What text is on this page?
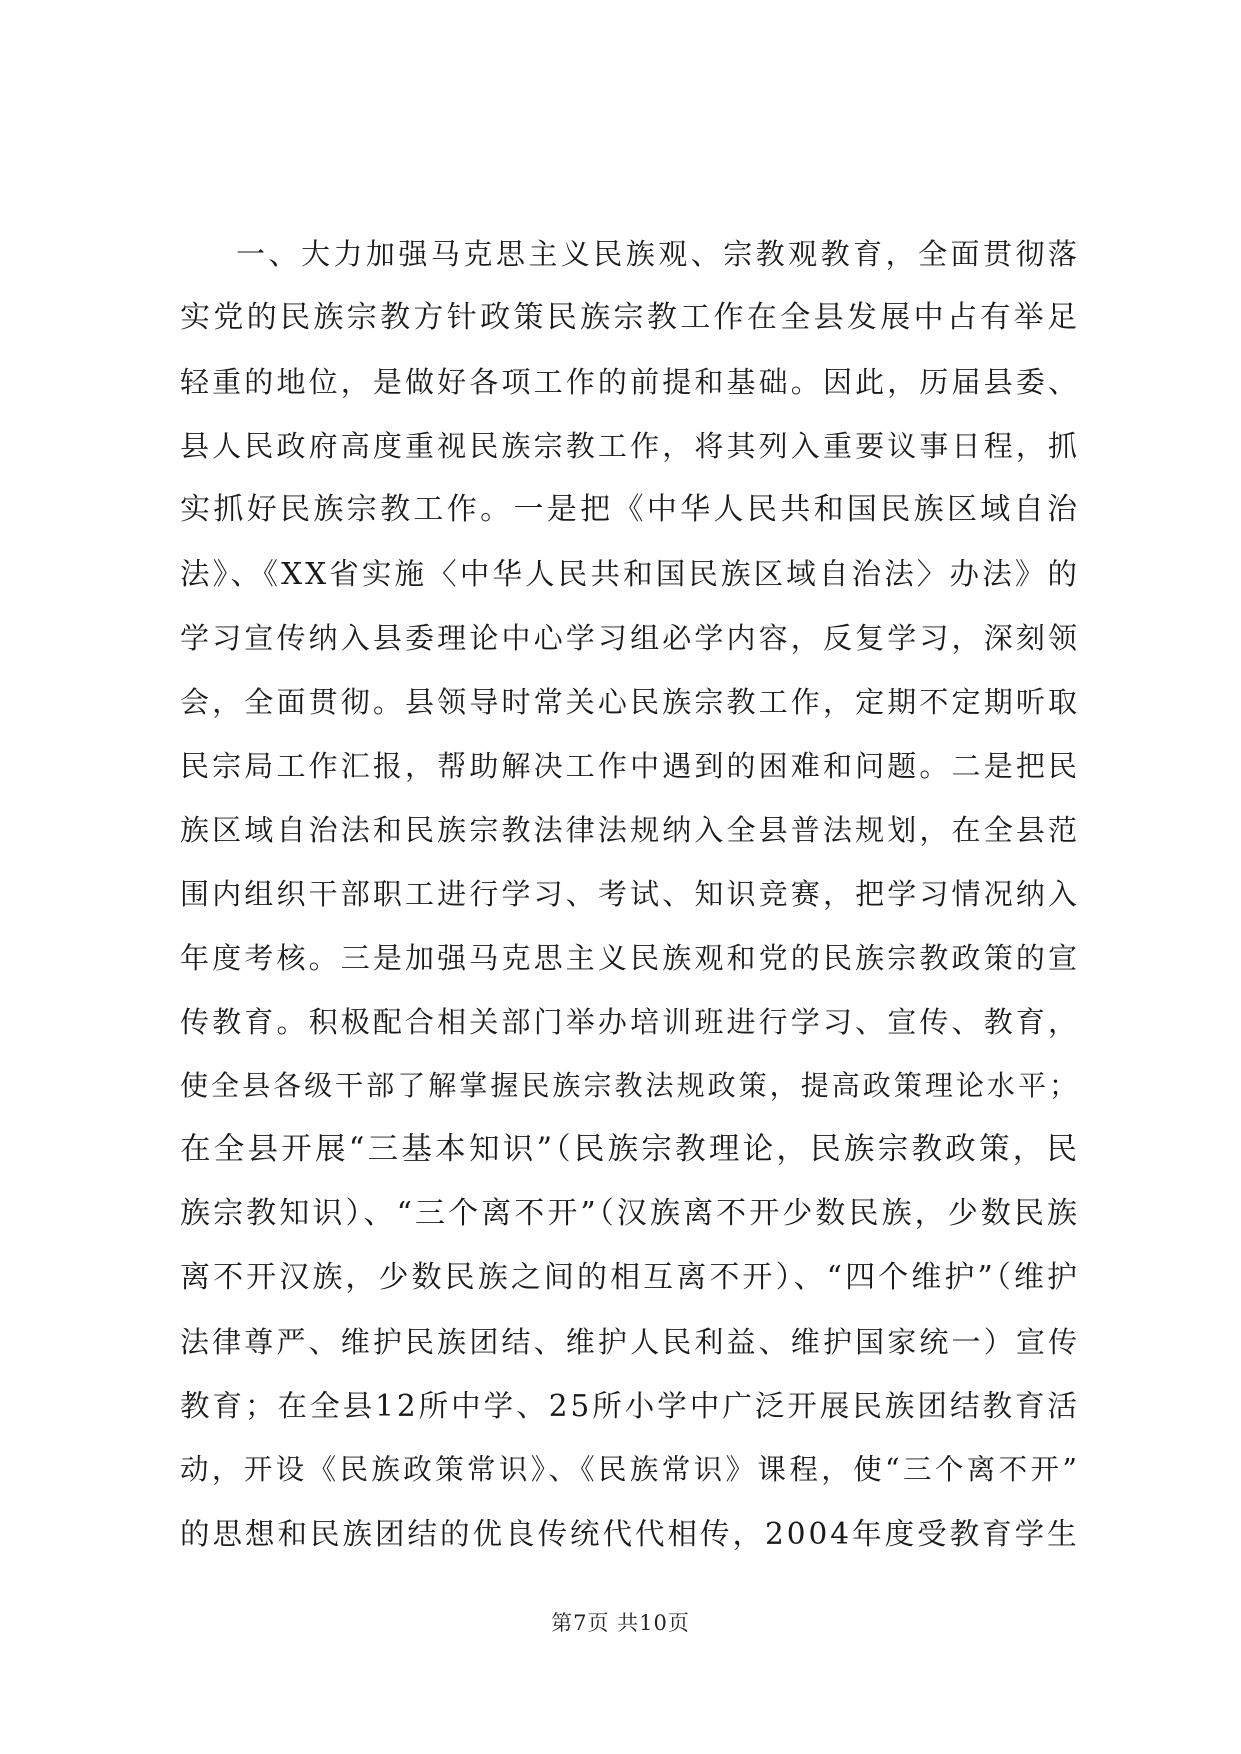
一、大力加强马克思主义民族观、宗教观教育，全面贯彻落
实党的民族宗教方针政策民族宗教工作在全县发展中占有举足
轻重的地位，是做好各项工作的前提和基础。因此，历届县委、
县人民政府高度重视民族宗教工作，将其列入重要议事日程，抓
实抓好民族宗教工作。一是把《中华人民共和国民族区域自治
法》、《XX省实施〈中华人民共和国民族区域自治法〉办法》的
学习宣传纳入县委理论中心学习组必学内容，反复学习，深刻领
会，全面贯彻。县领导时常关心民族宗教工作，定期不定期听取
民宗局工作汇报，帮助解决工作中遇到的困难和问题。二是把民
族区域自治法和民族宗教法律法规纳入全县普法规划，在全县范
围内组织干部职工进行学习、考试、知识竞赛，把学习情况纳入
年度考核。三是加强马克思主义民族观和党的民族宗教政策的宣
传教育。积极配合相关部门举办培训班进行学习、宣传、教育，
使全县各级干部了解掌握民族宗教法规政策，提高政策理论水平；
在全县开展“三基本知识”（民族宗教理论，民族宗教政策，民
族宗教知识）、“三个离不开”（汉族离不开少数民族，少数民族
离不开汉族，少数民族之间的相互离不开）、“四个维护”（维护
法律尊严、维护民族团结、维护人民利益、维护国家统一）宣传
教育；在全县12所中学、25所小学中广泛开展民族团结教育活
动，开设《民族政策常识》、《民族常识》课程，使“三个离不开”
的思想和民族团结的优良传统代代相传，2004年度受教育学生
第7页 共10页
